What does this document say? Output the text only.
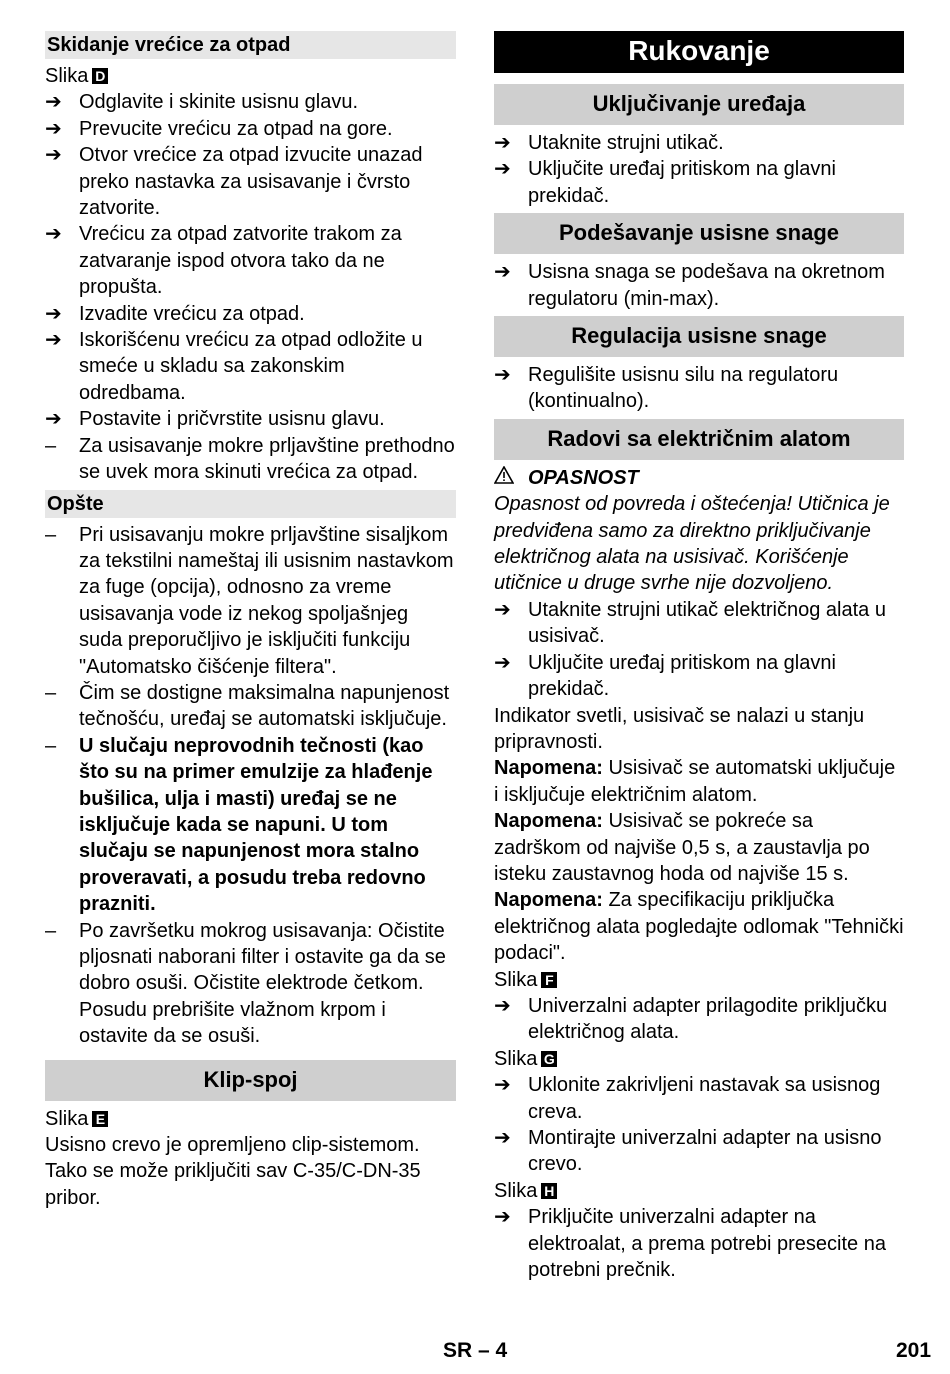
Skidanje vrećice za otpad
Slika D
➔ Odglavite i skinite usisnu glavu.
➔ Prevucite vrećicu za otpad na gore.
➔ Otvor vrećice za otpad izvucite unazad preko nastavka za usisavanje i čvrsto zatvorite.
➔ Vrećicu za otpad zatvorite trakom za zatvaranje ispod otvora tako da ne propušta.
➔ Izvadite vrećicu za otpad.
➔ Iskorišćenu vrećicu za otpad odložite u smeće u skladu sa zakonskim odredbama.
➔ Postavite i pričvrstite usisnu glavu.
–	Za usisavanje mokre prljavštine prethodno se uvek mora skinuti vrećica za otpad.
Opšte
–	Pri usisavanju mokre prljavštine sisaljkom za tekstilni nameštaj ili usisnim nastavkom za fuge (opcija), odnosno za vreme usisavanja vode iz nekog spoljašnjeg suda preporučljivo je isključiti funkciju "Automatsko čišćenje filtera".
–	Čim se dostigne maksimalna napunjenost tečnošću, uređaj se automatski isključuje.
–	U slučaju neprovodnih tečnosti (kao što su na primer emulzije za hlađenje bušilica, ulja i masti) uređaj se ne isključuje kada se napuni. U tom slučaju se napunjenost mora stalno proveravati, a posudu treba redovno prazniti.
–	Po završetku mokrog usisavanja: Očistite pljosnati naborani filter i ostavite ga da se dobro osuši. Očistite elektrode četkom. Posudu prebrišite vlažnom krpom i ostavite da se osuši.
Klip-spoj
Slika E
Usisno crevo je opremljeno clip-sistemom. Tako se može priključiti sav C-35/C-DN-35 pribor.
Rukovanje
Uključivanje uređaja
➔ Utaknite strujni utikač.
➔ Uključite uređaj pritiskom na glavni prekidač.
Podešavanje usisne snage
➔ Usisna snaga se podešava na okretnom regulatoru (min-max).
Regulacija usisne snage
➔ Regulišite usisnu silu na regulatoru (kontinualno).
Radovi sa električnim alatom
OPASNOST
Opasnost od povreda i oštećenja! Utičnica je predviđena samo za direktno priključivanje električnog alata na usisivač. Korišćenje utičnice u druge svrhe nije dozvoljeno.
➔ Utaknite strujni utikač električnog alata u usisivač.
➔ Uključite uređaj pritiskom na glavni prekidač.
Indikator svetli, usisivač se nalazi u stanju pripravnosti.
Napomena: Usisivač se automatski uključuje i isključuje električnim alatom.
Napomena: Usisivač se pokreće sa zadrškom od najviše 0,5 s, a zaustavlja po isteku zaustavnog hoda od najviše 15 s.
Napomena: Za specifikaciju priključka električnog alata pogledajte odlomak "Tehnički podaci".
Slika F
➔ Univerzalni adapter prilagodite priključku električnog alata.
Slika G
➔ Uklonite zakrivljeni nastavak sa usisnog creva.
➔ Montirajte univerzalni adapter na usisno crevo.
Slika H
➔ Priključite univerzalni adapter na elektroalat, a prema potrebi presecite na potrebni prečnik.
SR – 4	201
